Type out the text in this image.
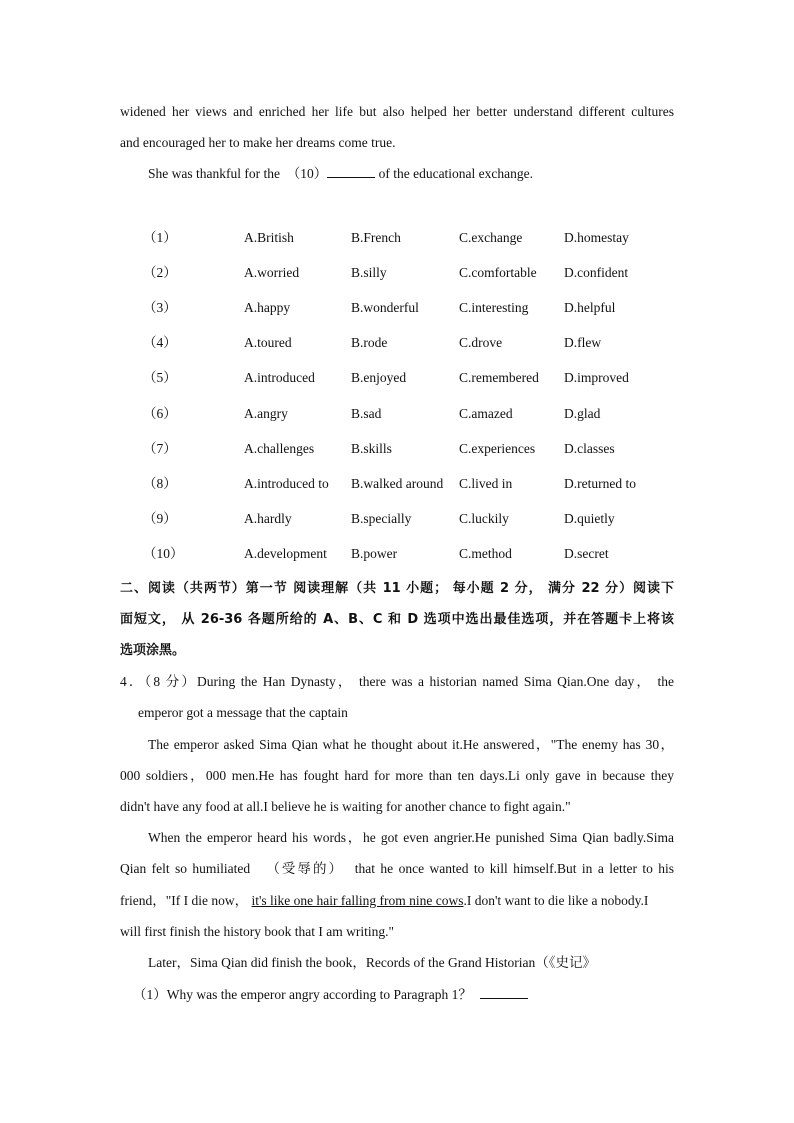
widened her views and enriched her life but also helped her better understand different cultures
and encouraged her to make her dreams come true.
She was thankful for the  （10）	of the educational exchange.
（1）	A.British	B.French	C.exchange	D.homestay
（2）	A.worried	B.silly	C.comfortable D.confident
（3）	A.happy	B.wonderful	C.interesting	D.helpful
（4）	A.toured	B.rode	C.drove	D.flew
（5）	A.introduced	B.enjoyed	C.remembered D.improved
（6）	A.angry	B.sad	C.amazed	D.glad
（7）	A.challenges	B.skills	C.experiences D.classes
（8）	A.introduced to B.walked around C.lived in	D.returned to
（9）	A.hardly	B.specially	C.luckily	D.quietly
（10）	A.development B.power	C.method	D.secret
二、阅读（共两节）第一节 阅读理解（共 11 小题； 每小题 2 分， 满分 22 分）阅读下
面短文， 从 26-36 各题所给的 A、B、C 和 D 选项中选出最佳选项，并在答题卡上将该
选项涂黑。
4．（8 分）During the Han Dynasty， there was a historian named Sima Qian.One day， the
emperor got a message that the captain
The emperor asked Sima Qian what he thought about it.He answered，"The enemy has 30，
000 soldiers，000 men.He has fought hard for more than ten days.Li only gave in because they
didn't have any food at all.I believe he is waiting for another chance to fight again."
When the emperor heard his words，he got even angrier.He punished Sima Qian badly.Sima
Qian felt so humiliated   （受辱的）  that he once wanted to kill himself.But in a letter to his
friend，"If I die now， it's like one hair falling from nine cows.I don't want to die like a nobody.I
will first finish the history book that I am writing."
Later，Sima Qian did finish the book，Records of the Grand Historian（《史记》
（1）Why was the emperor angry according to Paragraph 1？
